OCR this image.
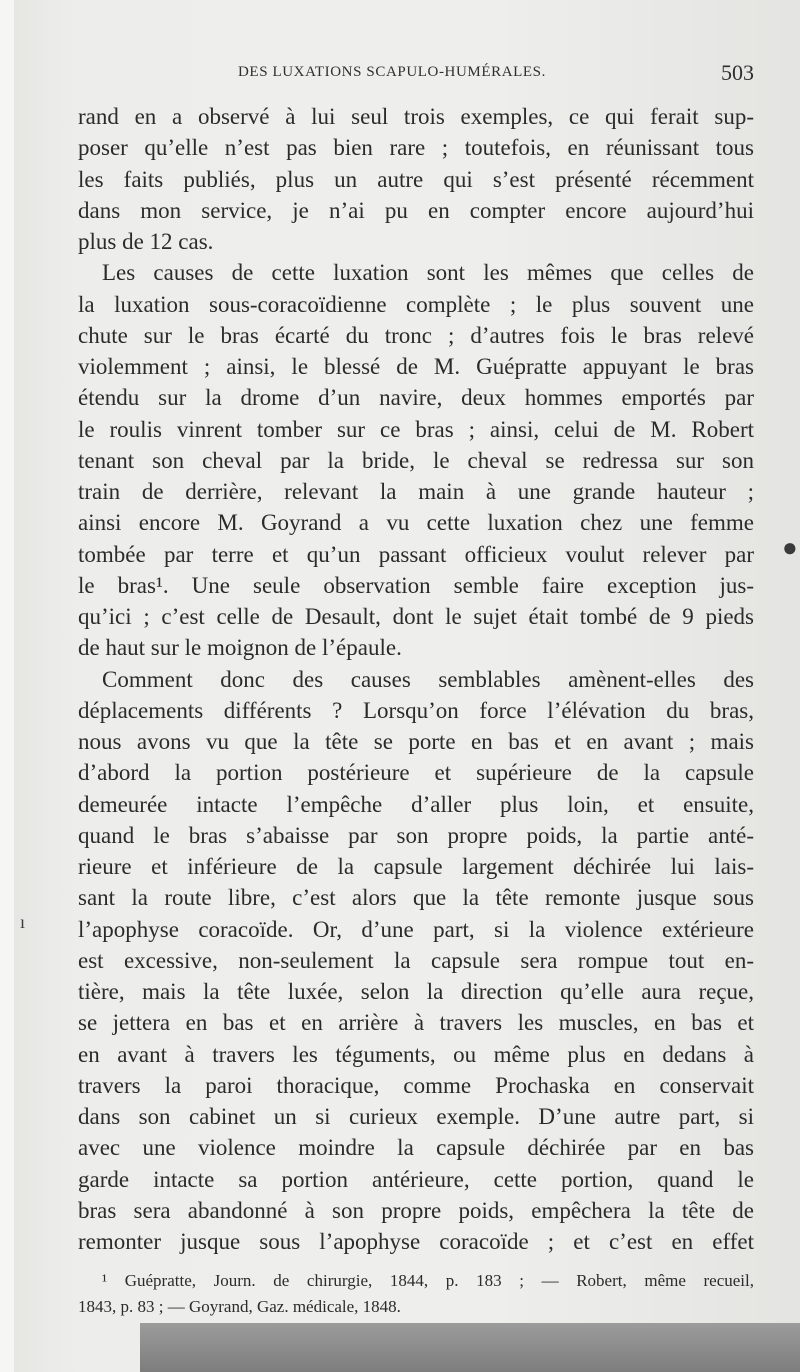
DES LUXATIONS SCAPULO-HUMÉRALES.	503
rand en a observé à lui seul trois exemples, ce qui ferait sup-
poser qu’elle n’est pas bien rare ; toutefois, en réunissant tous
les faits publiés, plus un autre qui s’est présenté récemment
dans mon service, je n’ai pu en compter encore aujourd’hui
plus de 12 cas.
Les causes de cette luxation sont les mêmes que celles de
la luxation sous-coracoïdienne complète ; le plus souvent une
chute sur le bras écarté du tronc ; d’autres fois le bras relevé
violemment ; ainsi, le blessé de M. Guépratte appuyant le bras
étendu sur la drome d’un navire, deux hommes emportés par
le roulis vinrent tomber sur ce bras ; ainsi, celui de M. Robert
tenant son cheval par la bride, le cheval se redressa sur son
train de derrière, relevant la main à une grande hauteur ;
ainsi encore M. Goyrand a vu cette luxation chez une femme
tombée par terre et qu’un passant officieux voulut relever par
le bras¹. Une seule observation semble faire exception jus-
qu’ici ; c’est celle de Desault, dont le sujet était tombé de 9 pieds
de haut sur le moignon de l’épaule.
Comment donc des causes semblables amènent-elles des
déplacements différents ? Lorsqu’on force l’élévation du bras,
nous avons vu que la tête se porte en bas et en avant ; mais
d’abord la portion postérieure et supérieure de la capsule
demeurée intacte l’empêche d’aller plus loin, et ensuite,
quand le bras s’abaisse par son propre poids, la partie anté-
rieure et inférieure de la capsule largement déchirée lui lais-
sant la route libre, c’est alors que la tête remonte jusque sous
l’apophyse coracoïde. Or, d’une part, si la violence extérieure
est excessive, non-seulement la capsule sera rompue tout en-
tière, mais la tête luxée, selon la direction qu’elle aura reçue,
se jettera en bas et en arrière à travers les muscles, en bas et
en avant à travers les téguments, ou même plus en dedans à
travers la paroi thoracique, comme Prochaska en conservait
dans son cabinet un si curieux exemple. D’une autre part, si
avec une violence moindre la capsule déchirée par en bas
garde intacte sa portion antérieure, cette portion, quand le
bras sera abandonné à son propre poids, empêchera la tête de
remonter jusque sous l’apophyse coracoïde ; et c’est en effet
¹ Guépratte, Journ. de chirurgie, 1844, p. 183 ; — Robert, même recueil,
1843, p. 83 ; — Goyrand, Gaz. médicale, 1848.
●
ı
